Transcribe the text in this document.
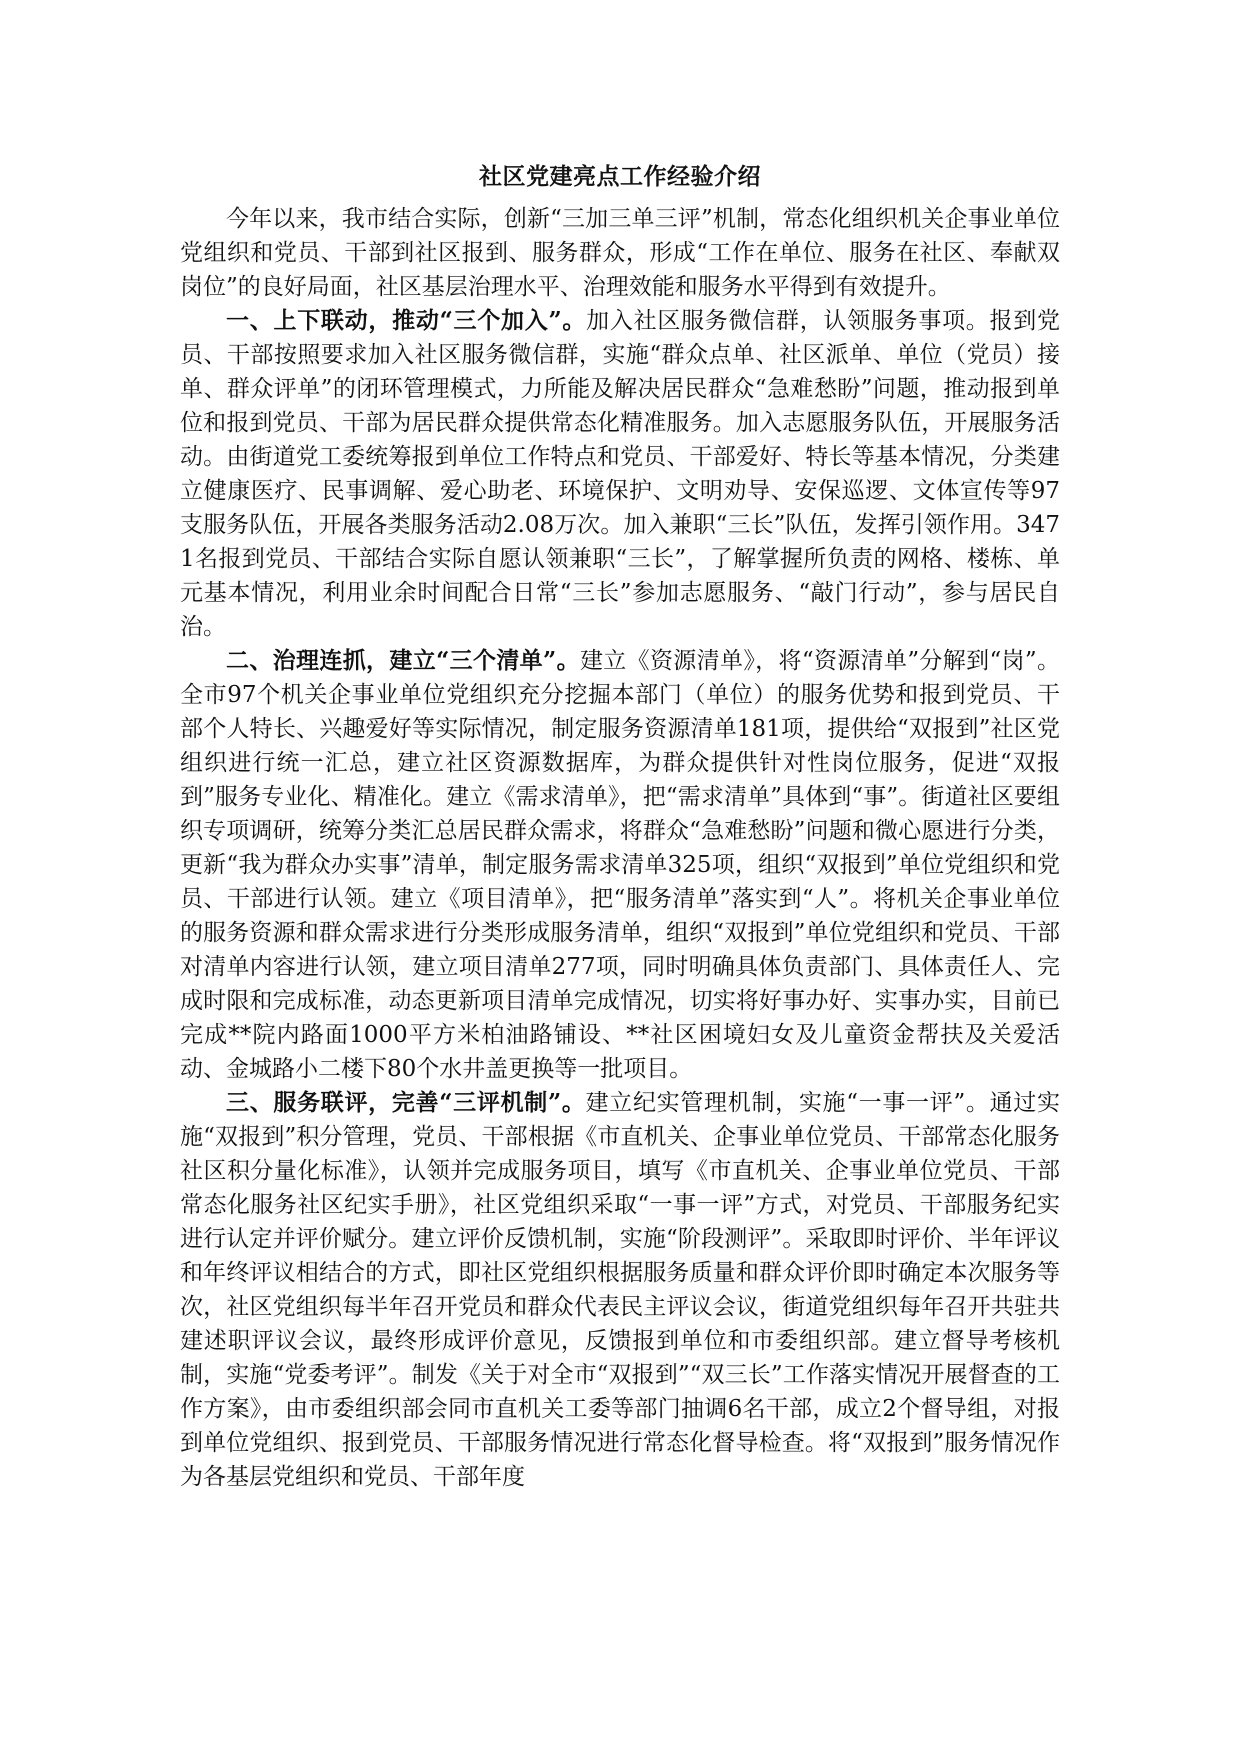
社区党建亮点工作经验介绍

今年以来，我市结合实际，创新“三加三单三评”机制，常态化组织机关企事业单位党组织和党员、干部到社区报到、服务群众，形成“工作在单位、服务在社区、奉献双岗位”的良好局面，社区基层治理水平、治理效能和服务水平得到有效提升。

一、上下联动，推动“三个加入”。加入社区服务微信群，认领服务事项。报到党员、干部按照要求加入社区服务微信群，实施“群众点单、社区派单、单位（党员）接单、群众评单”的闭环管理模式，力所能及解决居民群众“急难愁盼”问题，推动报到单位和报到党员、干部为居民群众提供常态化精准服务。加入志愿服务队伍，开展服务活动。由街道党工委统筹报到单位工作特点和党员、干部爱好、特长等基本情况，分类建立健康医疗、民事调解、爱心助老、环境保护、文明劝导、安保巡逻、文体宣传等97支服务队伍，开展各类服务活动2.08万次。加入兼职“三长”队伍，发挥引领作用。3471名报到党员、干部结合实际自愿认领兼职“三长”，了解掌握所负责的网格、楼栋、单元基本情况，利用业余时间配合日常“三长”参加志愿服务、“敲门行动”，参与居民自治。

二、治理连抓，建立“三个清单”。建立《资源清单》，将“资源清单”分解到“岗”。全市97个机关企事业单位党组织充分挖掘本部门（单位）的服务优势和报到党员、干部个人特长、兴趣爱好等实际情况，制定服务资源清单181项，提供给“双报到”社区党组织进行统一汇总，建立社区资源数据库，为群众提供针对性岗位服务，促进“双报到”服务专业化、精准化。建立《需求清单》，把“需求清单”具体到“事”。街道社区要组织专项调研，统筹分类汇总居民群众需求，将群众“急难愁盼”问题和微心愿进行分类，更新“我为群众办实事”清单，制定服务需求清单325项，组织“双报到”单位党组织和党员、干部进行认领。建立《项目清单》，把“服务清单”落实到“人”。将机关企事业单位的服务资源和群众需求进行分类形成服务清单，组织“双报到”单位党组织和党员、干部对清单内容进行认领，建立项目清单277项，同时明确具体负责部门、具体责任人、完成时限和完成标准，动态更新项目清单完成情况，切实将好事办好、实事办实，目前已完成**院内路面1000平方米柏油路铺设、**社区困境妇女及儿童资金帮扶及关爱活动、金城路小二楼下80个水井盖更换等一批项目。

三、服务联评，完善“三评机制”。建立纪实管理机制，实施“一事一评”。通过实施“双报到”积分管理，党员、干部根据《市直机关、企事业单位党员、干部常态化服务社区积分量化标准》，认领并完成服务项目，填写《市直机关、企事业单位党员、干部常态化服务社区纪实手册》，社区党组织采取“一事一评”方式，对党员、干部服务纪实进行认定并评价赋分。建立评价反馈机制，实施“阶段测评”。采取即时评价、半年评议和年终评议相结合的方式，即社区党组织根据服务质量和群众评价即时确定本次服务等次，社区党组织每半年召开党员和群众代表民主评议会议，街道党组织每年召开共驻共建述职评议会议，最终形成评价意见，反馈报到单位和市委组织部。建立督导考核机制，实施“党委考评”。制发《关于对全市“双报到”“双三长”工作落实情况开展督查的工作方案》，由市委组织部会同市直机关工委等部门抽调6名干部，成立2个督导组，对报到单位党组织、报到党员、干部服务情况进行常态化督导检查。将“双报到”服务情况作为各基层党组织和党员、干部年度
